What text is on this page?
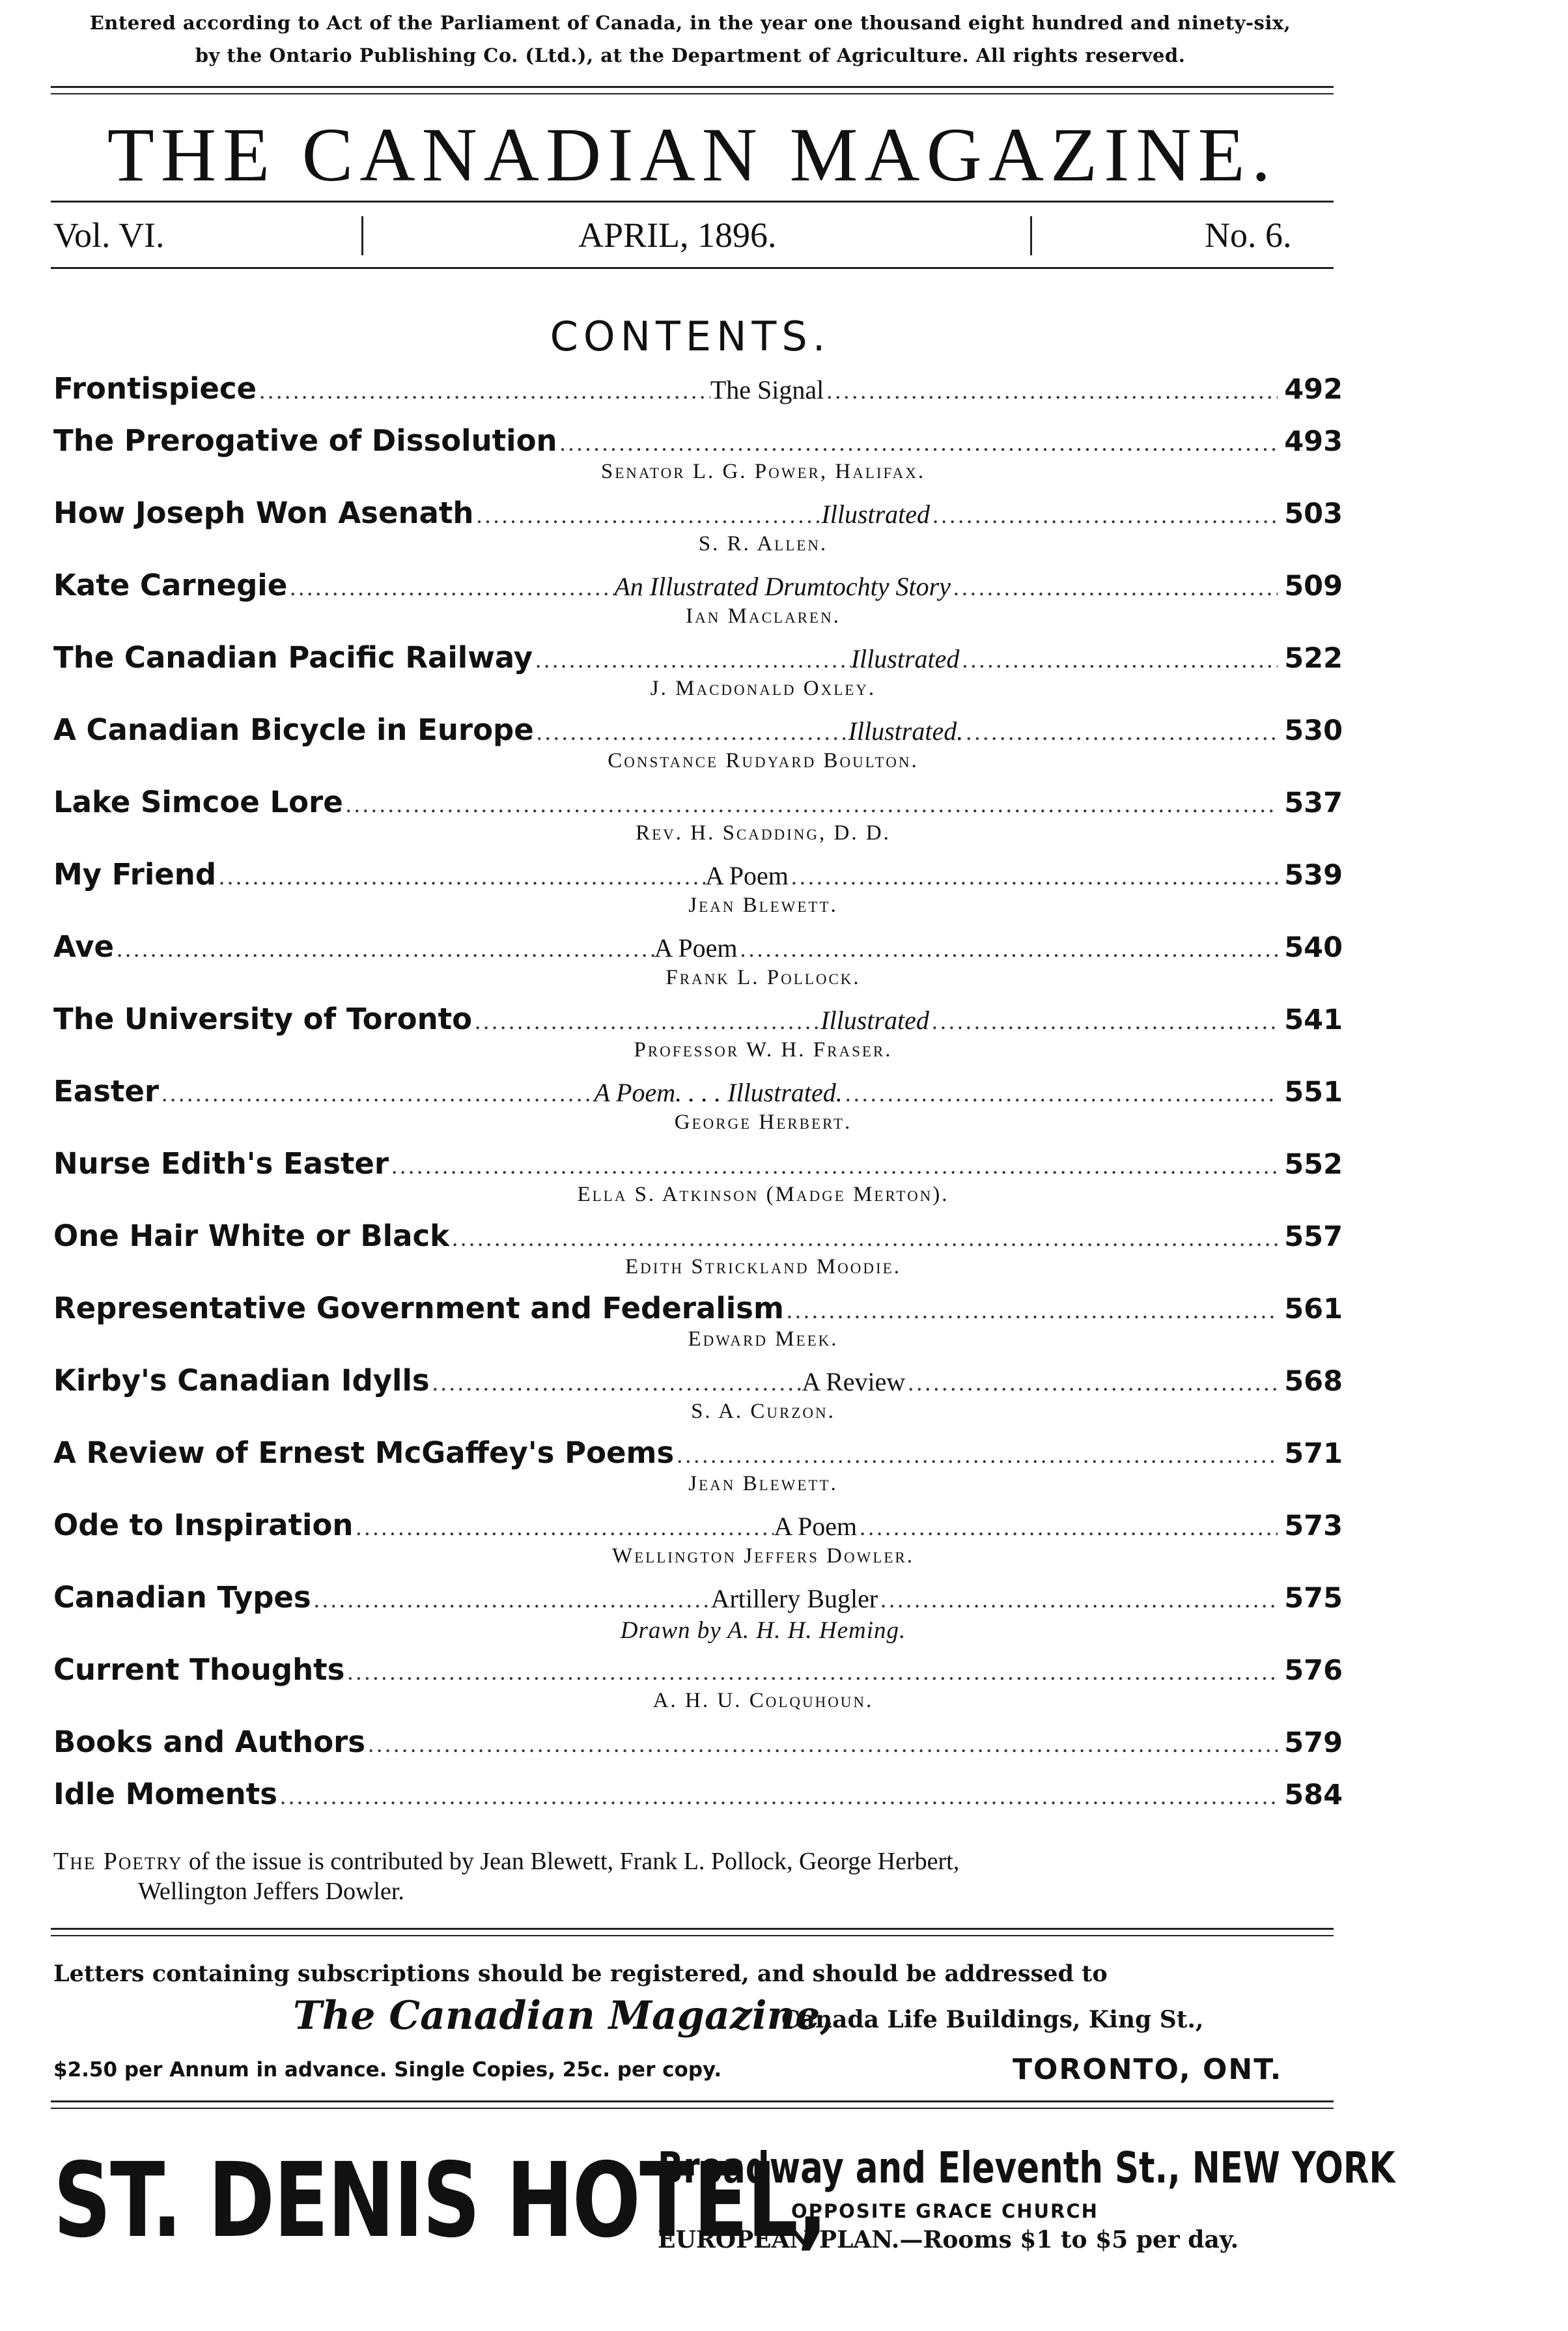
Entered according to Act of the Parliament of Canada, in the year one thousand eight hundred and ninety-six,
by the Ontario Publishing Co. (Ltd.), at the Department of Agriculture. All rights reserved.
THE CANADIAN MAGAZINE.
Vol. VI.	APRIL, 1896.	No. 6.
CONTENTS.
Frontispiece .....	The Signal .....	492
The Prerogative of Dissolution .....	493
Senator L. G. Power, Halifax.
How Joseph Won Asenath .....	Illustrated .....	503
S. R. Allen.
Kate Carnegie .....	An Illustrated Drumtochty Story .....	509
Ian Maclaren.
The Canadian Pacific Railway .....	Illustrated .....	522
J. Macdonald Oxley.
A Canadian Bicycle in Europe .....	Illustrated. .....	530
Constance Rudyard Boulton.
Lake Simcoe Lore .....	537
Rev. H. Scadding, D. D.
My Friend .....	A Poem .....	539
Jean Blewett.
Ave .....	A Poem .....	540
Frank L. Pollock.
The University of Toronto .....	Illustrated .....	541
Professor W. H. Fraser.
Easter .....	A Poem. . . . Illustrated. .....	551
George Herbert.
Nurse Edith's Easter .....	552
Ella S. Atkinson (Madge Merton).
One Hair White or Black .....	557
Edith Strickland Moodie.
Representative Government and Federalism .....	561
Edward Meek.
Kirby's Canadian Idylls .....	A Review .....	568
S. A. Curzon.
A Review of Ernest McGaffey's Poems .....	571
Jean Blewett.
Ode to Inspiration .....	A Poem .....	573
Wellington Jeffers Dowler.
Canadian Types .....	Artillery Bugler .....	575
Drawn by A. H. H. Heming.
Current Thoughts .....	576
A. H. U. Colquhoun.
Books and Authors .....	579
Idle Moments .....	584
The Poetry of the issue is contributed by Jean Blewett, Frank L. Pollock, George Herbert,
Wellington Jeffers Dowler.
Letters containing subscriptions should be registered, and should be addressed to
The Canadian Magazine,
Canada Life Buildings, King St.,
$2.50 per Annum in advance. Single Copies, 25c. per copy.	TORONTO, ONT.
ST. DENIS HOTEL,
Broadway and Eleventh St., NEW YORK
OPPOSITE GRACE CHURCH
EUROPEAN PLAN.—Rooms $1 to $5 per day.
